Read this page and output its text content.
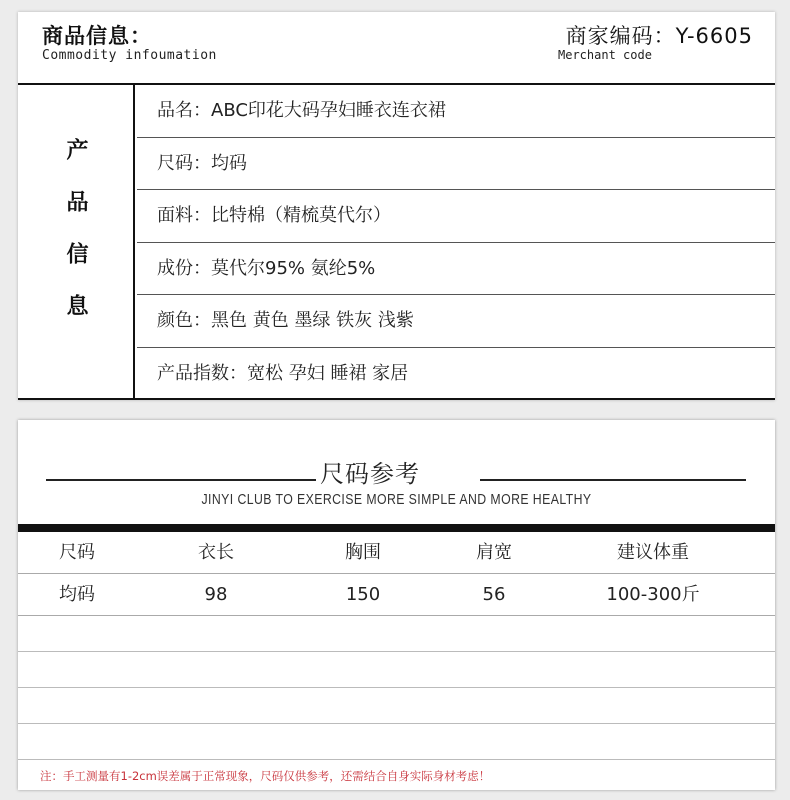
商品信息：
Commodity infoumation
商家编码：Y-6605
Merchant code
产品信息
品名：ABC印花大码孕妇睡衣连衣裙
尺码：均码
面料：比特棉（精梳莫代尔）
成份：莫代尔95% 氨纶5%
颜色：黑色 黄色 墨绿 铁灰 浅紫
产品指数：宽松 孕妇 睡裙 家居
尺码参考
JINYI CLUB TO EXERCISE MORE SIMPLE AND MORE HEALTHY
尺码	衣长	胸围	肩宽	建议体重
均码	98	150	56	100-300斤
注：手工测量有1-2cm误差属于正常现象，尺码仅供参考，还需结合自身实际身材考虑！
